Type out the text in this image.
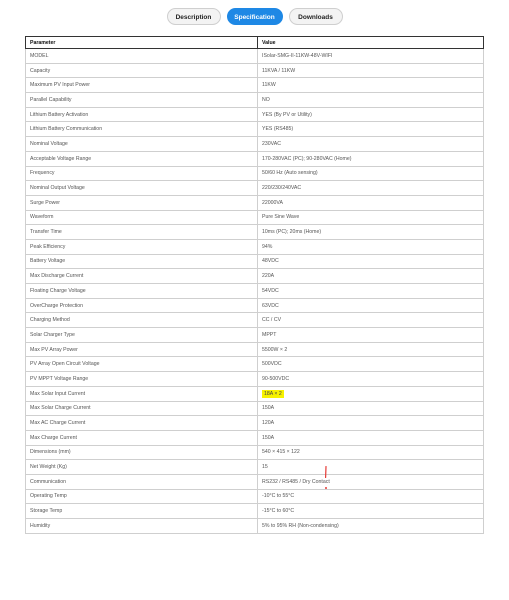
Description	Specification	Downloads
Parameter	Value
MODEL	ISolar-SMG-II-11KW-48V-WIFI
Capacity	11KVA / 11KW
Maximum PV Input Power	11KW
Parallel Capability	NO
Lithium Battery Activation	YES (By PV or Utility)
Lithium Battery Communication	YES (RS485)
Nominal Voltage	230VAC
Acceptable Voltage Range	170-280VAC (PC); 90-280VAC (Home)
Frequency	50/60 Hz (Auto sensing)
Nominal Output Voltage	220/230/240VAC
Surge Power	22000VA
Waveform	Pure Sine Wave
Transfer Time	10ms (PC); 20ms (Home)
Peak Efficiency	94%
Battery Voltage	48VDC
Max Discharge Current	220A
Floating Charge Voltage	54VDC
OverCharge Protection	63VDC
Charging Method	CC / CV
Solar Charger Type	MPPT
Max PV Array Power	5500W × 2
PV Array Open Circuit Voltage	500VDC
PV MPPT Voltage Range	90-500VDC
Max Solar Input Current	18A × 2
Max Solar Charge Current	150A
Max AC Charge Current	120A
Max Charge Current	150A
Dimensions (mm)	540 × 415 × 122
Net Weight (Kg)	15
Communication	RS232 / RS485 / Dry Contact
Operating Temp	-10°C to 55°C
Storage Temp	-15°C to 60°C
Humidity	5% to 95% RH (Non-condensing)
